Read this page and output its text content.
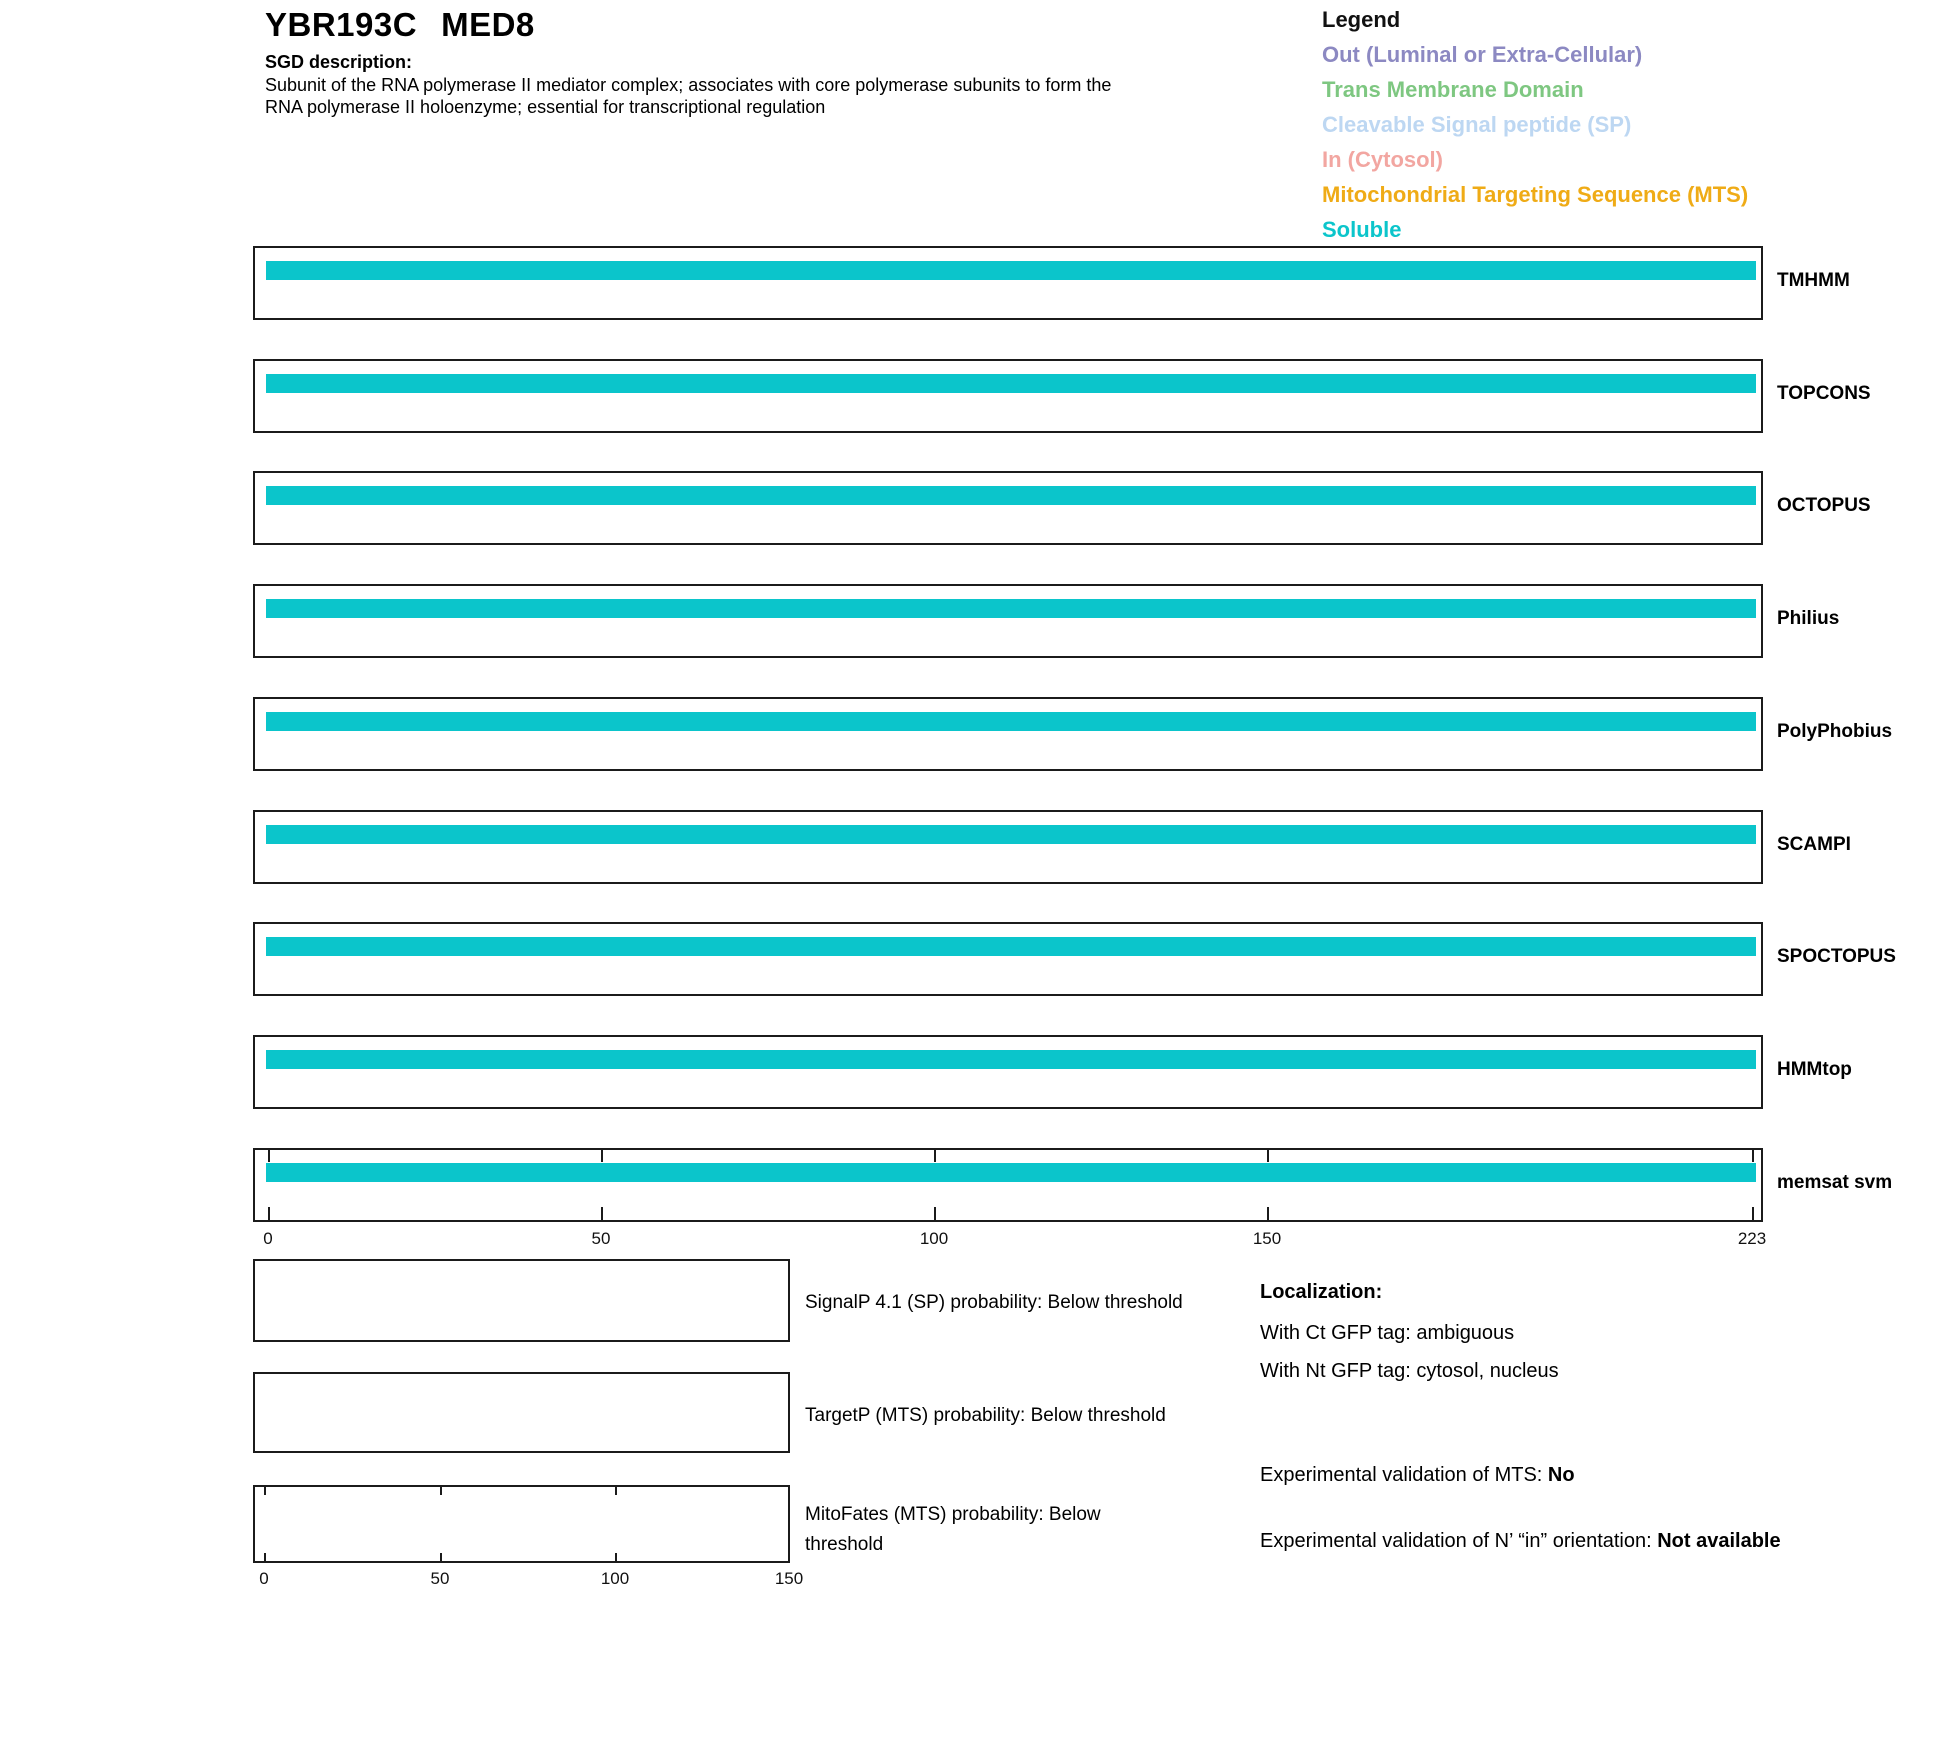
YBR193C MED8
SGD description:
Subunit of the RNA polymerase II mediator complex; associates with core polymerase subunits to form the
RNA polymerase II holoenzyme; essential for transcriptional regulation
Legend
Out (Luminal or Extra-Cellular)
Trans Membrane Domain
Cleavable Signal peptide (SP)
In (Cytosol)
Mitochondrial Targeting Sequence (MTS)
Soluble
TMHMM
TOPCONS
OCTOPUS
Philius
PolyPhobius
SCAMPI
SPOCTOPUS
HMMtop
memsat svm
0	50	100	150	223
SignalP 4.1 (SP) probability: Below threshold
TargetP (MTS) probability: Below threshold
MitoFates (MTS) probability: Below threshold
0	50	100	150
Localization:
With Ct GFP tag: ambiguous
With Nt GFP tag: cytosol, nucleus
Experimental validation of MTS: No
Experimental validation of N’ “in” orientation: Not available
